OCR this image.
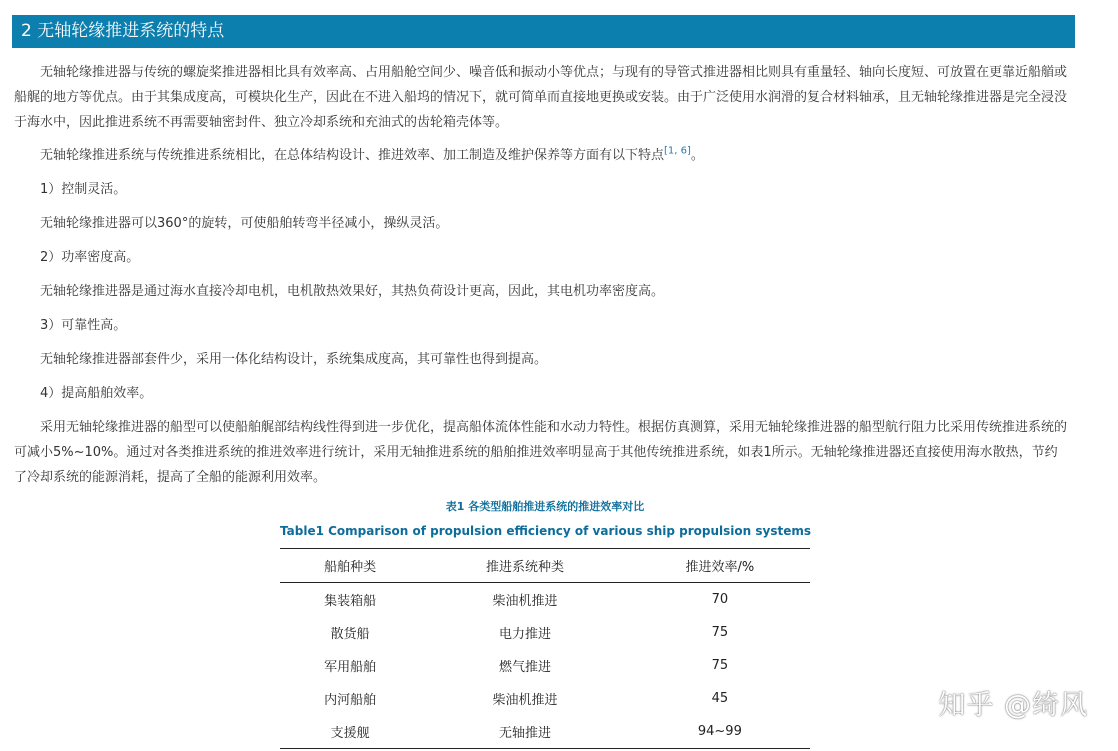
2 无轴轮缘推进系统的特点

无轴轮缘推进器与传统的螺旋桨推进器相比具有效率高、占用船舱空间少、噪音低和振动小等优点；与现有的导管式推进器相比则具有重量轻、轴向长度短、可放置在更靠近船艏或船艉的地方等优点。由于其集成度高，可模块化生产，因此在不进入船坞的情况下，就可简单而直接地更换或安装。由于广泛使用水润滑的复合材料轴承，且无轴轮缘推进器是完全浸没于海水中，因此推进系统不再需要轴密封件、独立冷却系统和充油式的齿轮箱壳体等。

无轴轮缘推进系统与传统推进系统相比，在总体结构设计、推进效率、加工制造及维护保养等方面有以下特点[1, 6]。

1）控制灵活。

无轴轮缘推进器可以360°的旋转，可使船舶转弯半径减小，操纵灵活。

2）功率密度高。

无轴轮缘推进器是通过海水直接冷却电机，电机散热效果好，其热负荷设计更高，因此，其电机功率密度高。

3）可靠性高。

无轴轮缘推进器部套件少，采用一体化结构设计，系统集成度高，其可靠性也得到提高。

4）提高船舶效率。

采用无轴轮缘推进器的船型可以使船舶艉部结构线性得到进一步优化，提高船体流体性能和水动力特性。根据仿真测算，采用无轴轮缘推进器的船型航行阻力比采用传统推进系统的可减小5%~10%。通过对各类推进系统的推进效率进行统计，采用无轴推进系统的船舶推进效率明显高于其他传统推进系统，如表1所示。无轴轮缘推进器还直接使用海水散热，节约了冷却系统的能源消耗，提高了全船的能源利用效率。

表1 各类型船舶推进系统的推进效率对比
Table1 Comparison of propulsion efficiency of various ship propulsion systems
船舶种类	推进系统种类	推进效率/%
集装箱船	柴油机推进	70
散货船	电力推进	75
军用船舶	燃气推进	75
内河船舶	柴油机推进	45
支援舰	无轴推进	94~99
知乎 @绮风
